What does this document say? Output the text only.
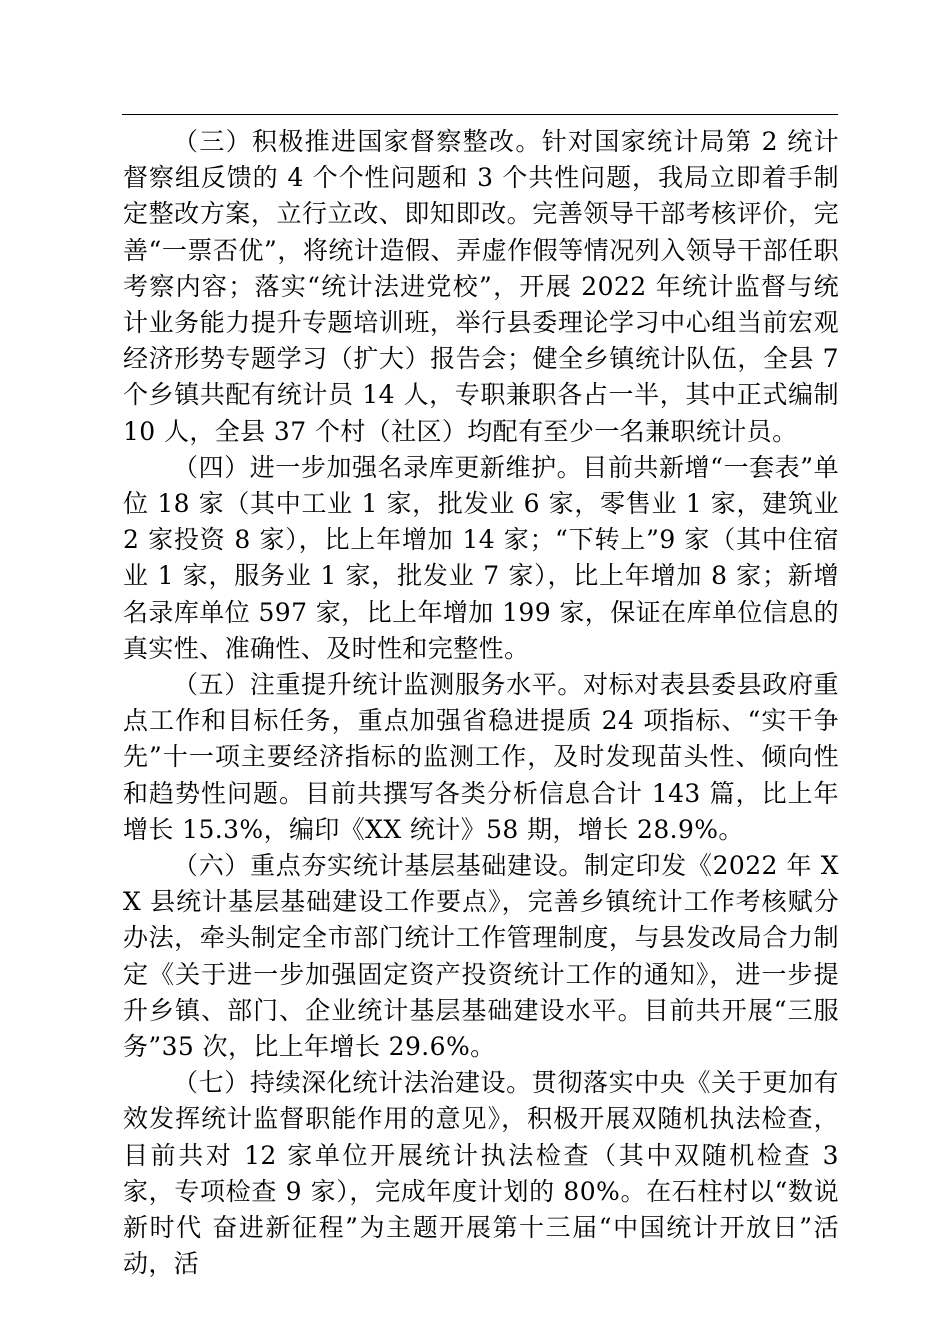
（三）积极推进国家督察整改。针对国家统计局第 2 统计督察组反馈的 4 个个性问题和 3 个共性问题，我局立即着手制定整改方案，立行立改、即知即改。完善领导干部考核评价，完善“一票否优”，将统计造假、弄虚作假等情况列入领导干部任职考察内容；落实“统计法进党校”，开展 2022 年统计监督与统计业务能力提升专题培训班，举行县委理论学习中心组当前宏观经济形势专题学习（扩大）报告会；健全乡镇统计队伍，全县 7 个乡镇共配有统计员 14 人，专职兼职各占一半，其中正式编制 10 人，全县 37 个村（社区）均配有至少一名兼职统计员。

（四）进一步加强名录库更新维护。目前共新增“一套表”单位 18 家（其中工业 1 家，批发业 6 家，零售业 1 家，建筑业 2 家投资 8 家），比上年增加 14 家；“下转上”9 家（其中住宿业 1 家，服务业 1 家，批发业 7 家），比上年增加 8 家；新增名录库单位 597 家，比上年增加 199 家，保证在库单位信息的真实性、准确性、及时性和完整性。

（五）注重提升统计监测服务水平。对标对表县委县政府重点工作和目标任务，重点加强省稳进提质 24 项指标、“实干争先”十一项主要经济指标的监测工作，及时发现苗头性、倾向性和趋势性问题。目前共撰写各类分析信息合计 143 篇，比上年增长 15.3%，编印《XX 统计》58 期，增长 28.9%。

（六）重点夯实统计基层基础建设。制定印发《2022 年 XX 县统计基层基础建设工作要点》，完善乡镇统计工作考核赋分办法，牵头制定全市部门统计工作管理制度，与县发改局合力制定《关于进一步加强固定资产投资统计工作的通知》，进一步提升乡镇、部门、企业统计基层基础建设水平。目前共开展“三服务”35 次，比上年增长 29.6%。

（七）持续深化统计法治建设。贯彻落实中央《关于更加有效发挥统计监督职能作用的意见》，积极开展双随机执法检查，目前共对 12 家单位开展统计执法检查（其中双随机检查 3 家，专项检查 9 家），完成年度计划的 80%。在石柱村以“数说新时代 奋进新征程”为主题开展第十三届“中国统计开放日”活动，活
